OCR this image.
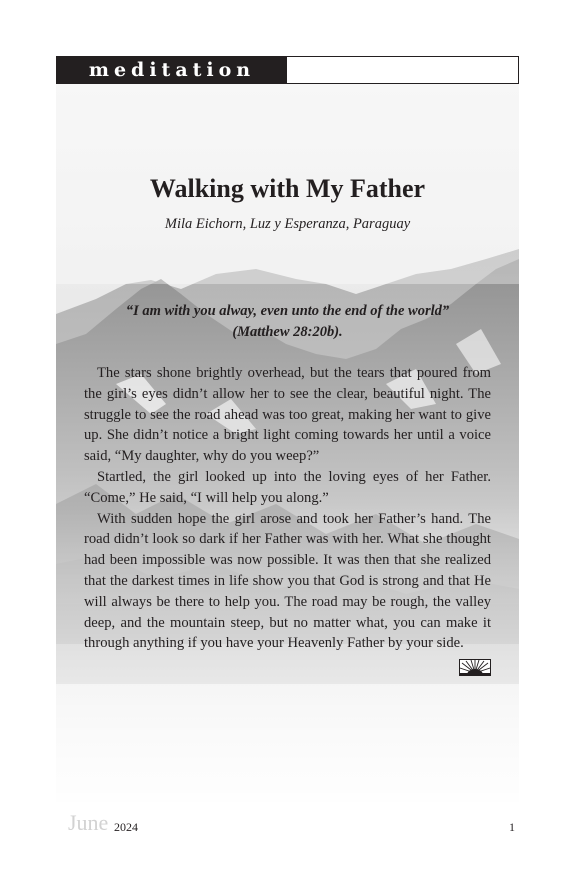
meditation
Walking with My Father
Mila Eichorn, Luz y Esperanza, Paraguay
“I am with you alway, even unto the end of the world”
(Matthew 28:20b).

The stars shone brightly overhead, but the tears that poured from the girl’s eyes didn’t allow her to see the clear, beautiful night. The struggle to see the road ahead was too great, making her want to give up. She didn’t notice a bright light coming towards her until a voice said, “My daughter, why do you weep?”

Startled, the girl looked up into the loving eyes of her Father. “Come,” He said, “I will help you along.”

With sudden hope the girl arose and took her Father’s hand. The road didn’t look so dark if her Father was with her. What she thought had been impossible was now possible. It was then that she realized that the darkest times in life show you that God is strong and that He will always be there to help you. The road may be rough, the valley deep, and the mountain steep, but no matter what, you can make it through anything if you have your Heavenly Father by your side.

June 2024	1
